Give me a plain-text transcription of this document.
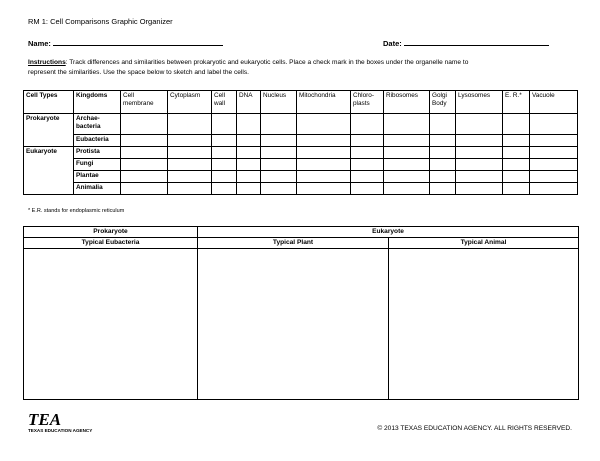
RM 1: Cell Comparisons Graphic Organizer
Name:	Date:
Instructions: Track differences and similarities between prokaryotic and eukaryotic cells. Place a check mark in the boxes under the organelle name to
represent the similarities. Use the space below to sketch and label the cells.
Cell Types	Kingdoms	Cell membrane	Cytoplasm	Cell wall	DNA	Nucleus	Mitochondria	Chloro-plasts	Ribosomes	Golgi Body	Lysosomes	E. R.*	Vacuole
Prokaryote	Archae-bacteria												
	Eubacteria												
Eukaryote	Protista												
	Fungi												
	Plantae												
	Animalia												
* E.R. stands for endoplasmic reticulum
Prokaryote	Eukaryote	
Typical Eubacteria	Typical Plant	Typical Animal

TEA
TEXAS EDUCATION AGENCY	© 2013 TEXAS EDUCATION AGENCY. ALL RIGHTS RESERVED.
